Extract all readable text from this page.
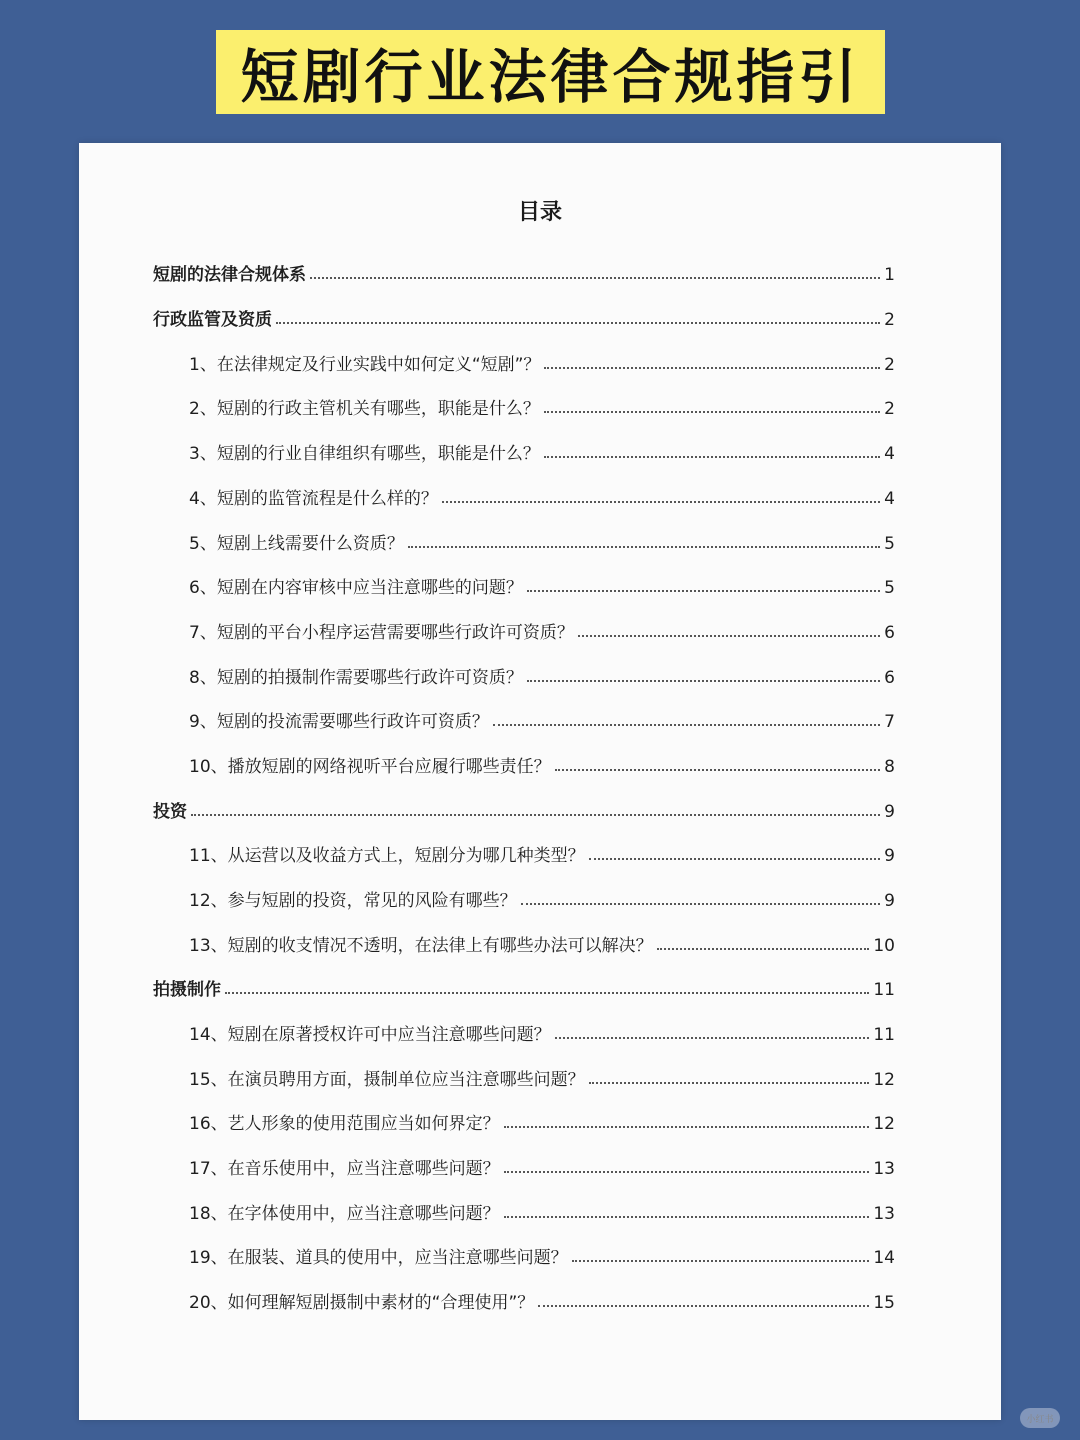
短剧行业法律合规指引
目录
短剧的法律合规体系	1
行政监管及资质	2
1、在法律规定及行业实践中如何定义“短剧”？	2
2、短剧的行政主管机关有哪些，职能是什么？	2
3、短剧的行业自律组织有哪些，职能是什么？	4
4、短剧的监管流程是什么样的？	4
5、短剧上线需要什么资质？	5
6、短剧在内容审核中应当注意哪些的问题？	5
7、短剧的平台小程序运营需要哪些行政许可资质？	6
8、短剧的拍摄制作需要哪些行政许可资质？	6
9、短剧的投流需要哪些行政许可资质？	7
10、播放短剧的网络视听平台应履行哪些责任？	8
投资	9
11、从运营以及收益方式上，短剧分为哪几种类型？	9
12、参与短剧的投资，常见的风险有哪些？	9
13、短剧的收支情况不透明，在法律上有哪些办法可以解决？	10
拍摄制作	11
14、短剧在原著授权许可中应当注意哪些问题？	11
15、在演员聘用方面，摄制单位应当注意哪些问题？	12
16、艺人形象的使用范围应当如何界定？	12
17、在音乐使用中，应当注意哪些问题？	13
18、在字体使用中，应当注意哪些问题？	13
19、在服装、道具的使用中，应当注意哪些问题？	14
20、如何理解短剧摄制中素材的“合理使用”？	15
小红书
